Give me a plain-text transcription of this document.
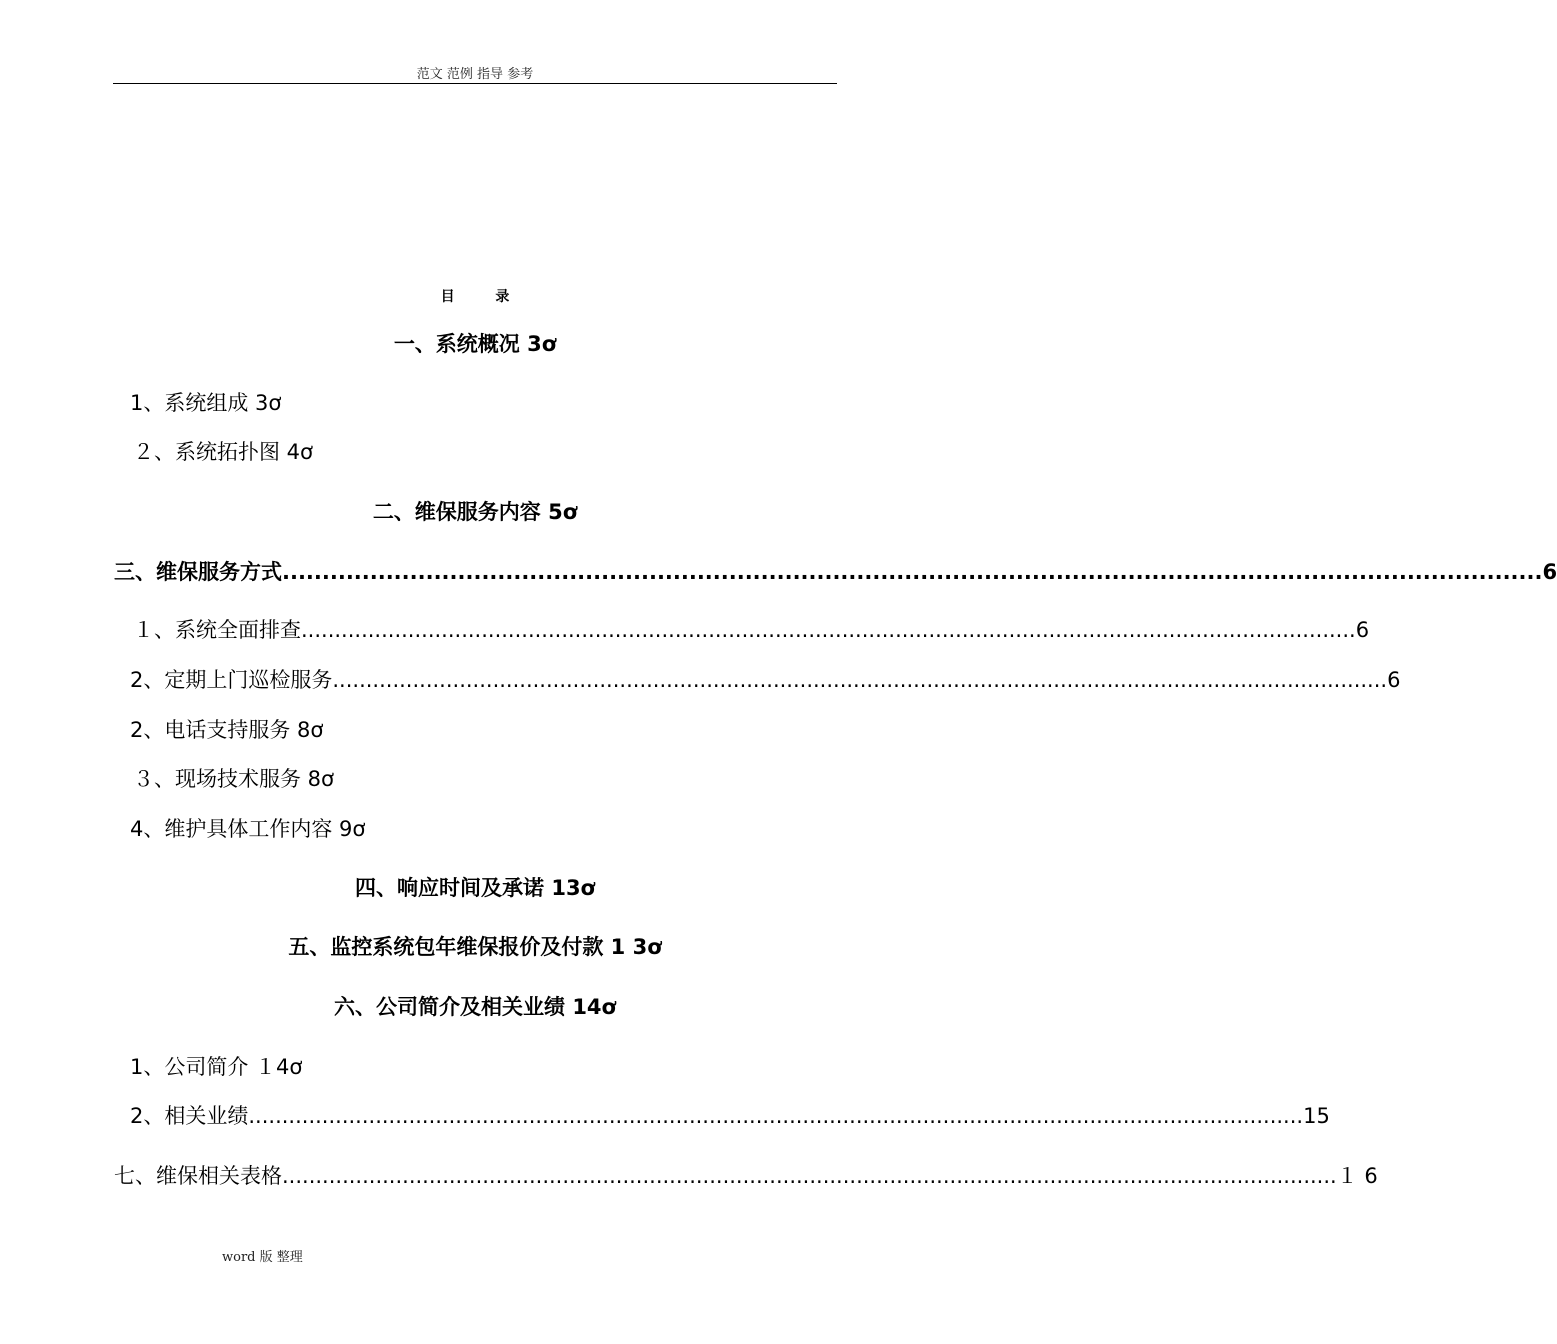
范文 范例 指导 参考
目 录
一、系统概况 3ơ
1、系统组成 3ơ
２、系统拓扑图 4ơ
二、维保服务内容 5ơ
三、维保服务方式 .............................................................................................................................................................. 6
１、系统全面排查 .............................................................................................................................................................. 6
2、定期上门巡检服务 .............................................................................................................................................................. 6
2、电话支持服务 8ơ
３、现场技术服务 8ơ
4、维护具体工作内容 9ơ
四、响应时间及承诺 13ơ
五、监控系统包年维保报价及付款 1 3ơ
六、公司简介及相关业绩 14ơ
1、公司简介 １4ơ
2、相关业绩 .............................................................................................................................................................. 15
七、维保相关表格 .............................................................................................................................................................. １ 6
word 版 整理
